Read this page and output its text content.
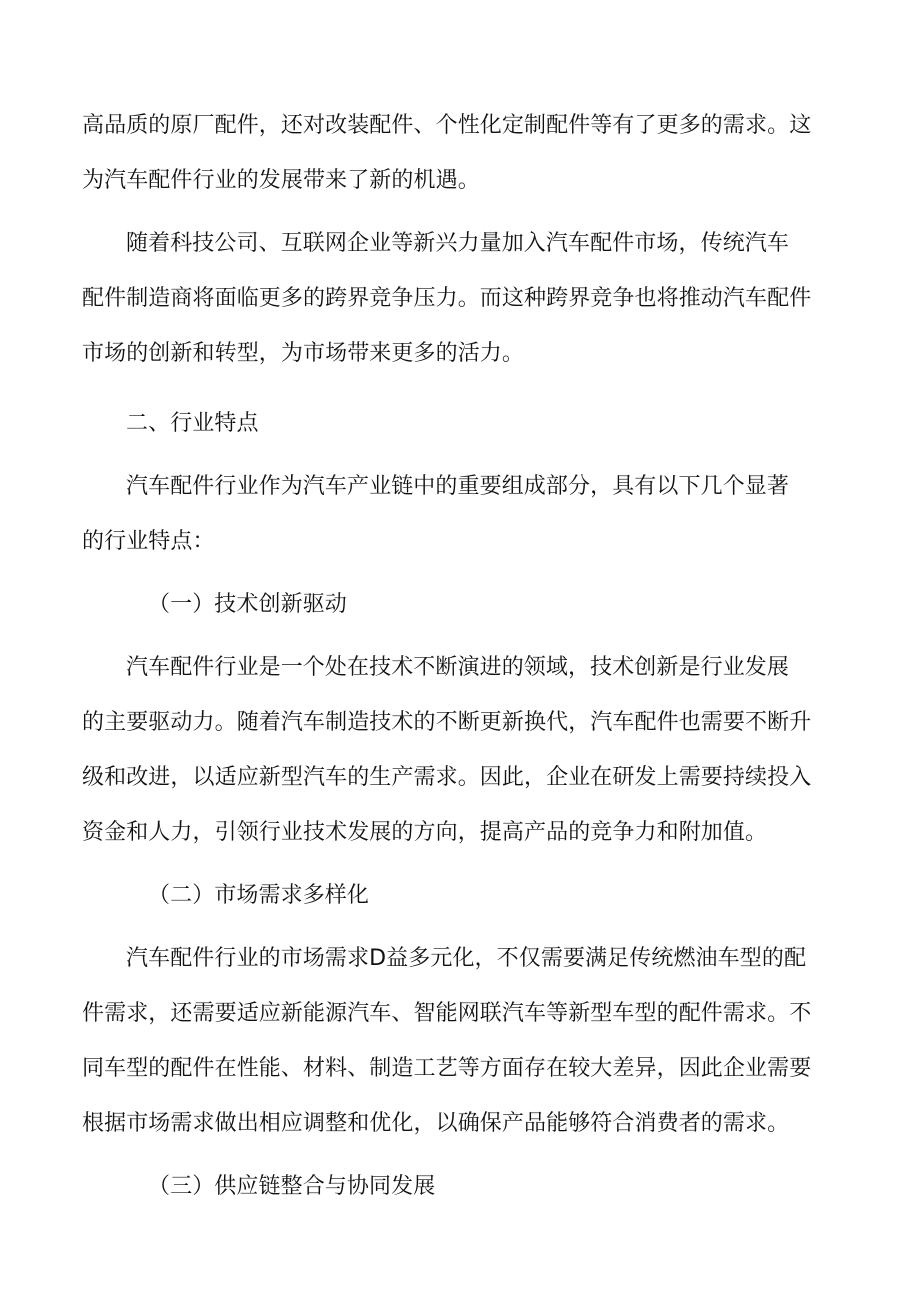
高品质的原厂配件，还对改装配件、个性化定制配件等有了更多的需求。这
为汽车配件行业的发展带来了新的机遇。
随着科技公司、互联网企业等新兴力量加入汽车配件市场，传统汽车
配件制造商将面临更多的跨界竞争压力。而这种跨界竞争也将推动汽车配件
市场的创新和转型，为市场带来更多的活力。
二、行业特点
汽车配件行业作为汽车产业链中的重要组成部分，具有以下几个显著
的行业特点：
（一）技术创新驱动
汽车配件行业是一个处在技术不断演进的领域，技术创新是行业发展
的主要驱动力。随着汽车制造技术的不断更新换代，汽车配件也需要不断升
级和改进，以适应新型汽车的生产需求。因此，企业在研发上需要持续投入
资金和人力，引领行业技术发展的方向，提高产品的竞争力和附加值。
（二）市场需求多样化
汽车配件行业的市场需求D益多元化，不仅需要满足传统燃油车型的配
件需求，还需要适应新能源汽车、智能网联汽车等新型车型的配件需求。不
同车型的配件在性能、材料、制造工艺等方面存在较大差异，因此企业需要
根据市场需求做出相应调整和优化，以确保产品能够符合消费者的需求。
（三）供应链整合与协同发展
